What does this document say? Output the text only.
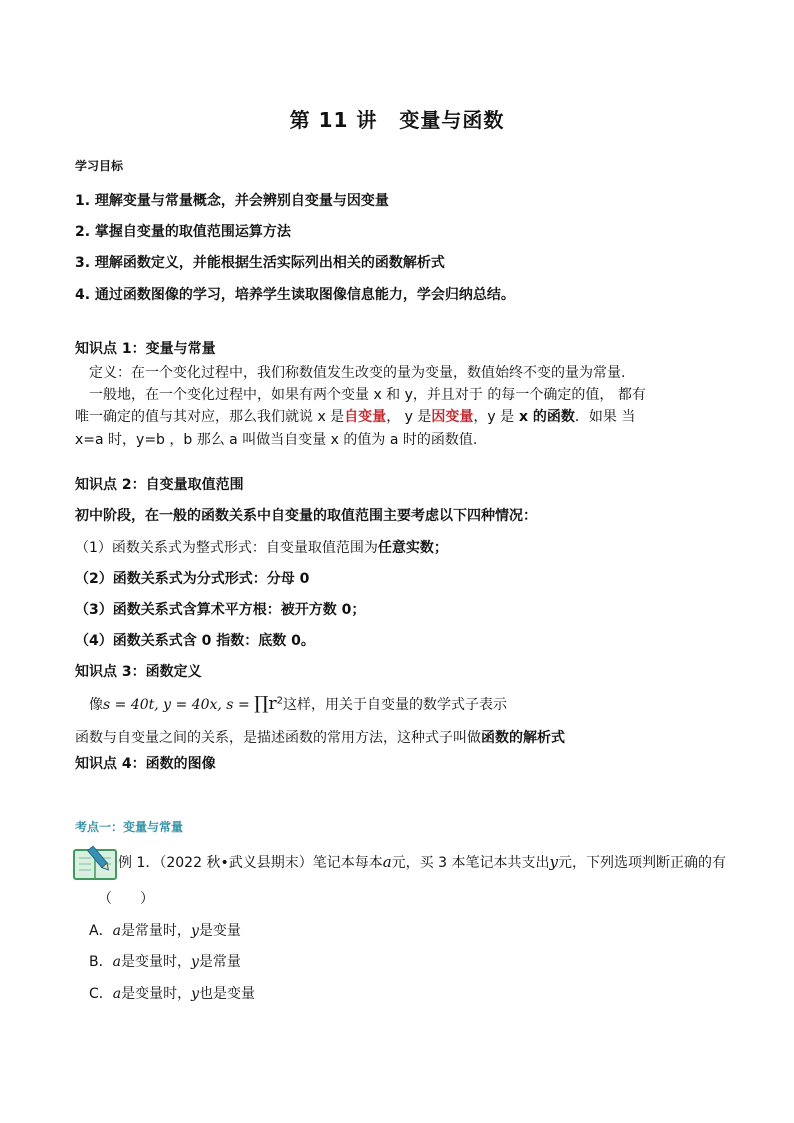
第 11 讲 变量与函数
学习目标
1. 理解变量与常量概念，并会辨别自变量与因变量
2. 掌握自变量的取值范围运算方法
3. 理解函数定义，并能根据生活实际列出相关的函数解析式
4. 通过函数图像的学习，培养学生读取图像信息能力，学会归纳总结。
知识点 1：变量与常量
定义：在一个变化过程中，我们称数值发生改变的量为变量，数值始终不变的量为常量.
一般地，在一个变化过程中，如果有两个变量 x 和 y，并且对于 的每一个确定的值， 都有
唯一确定的值与其对应，那么我们就说 x 是自变量， y 是因变量，y 是 x 的函数．如果 当
x=a 时，y=b ，b 那么 a 叫做当自变量 x 的值为 a 时的函数值.
知识点 2：自变量取值范围
初中阶段，在一般的函数关系中自变量的取值范围主要考虑以下四种情况：
（1）函数关系式为整式形式：自变量取值范围为任意实数；
（2）函数关系式为分式形式：分母 0
（3）函数关系式含算术平方根：被开方数 0；
（4）函数关系式含 0 指数：底数 0。
知识点 3：函数定义
像s = 40t, y = 40x, $s = \prod r^2$这样，用关于自变量的数学式子表示
函数与自变量之间的关系，是描述函数的常用方法，这种式子叫做函数的解析式
知识点 4：函数的图像
考点一：变量与常量
例 1．（2022 秋•武义县期末）笔记本每本a元，买 3 本笔记本共支出y元，下列选项判断正确的有
（　　）
A．a是常量时，y是变量
B．a是变量时，y是常量
C．a是变量时，y也是变量
